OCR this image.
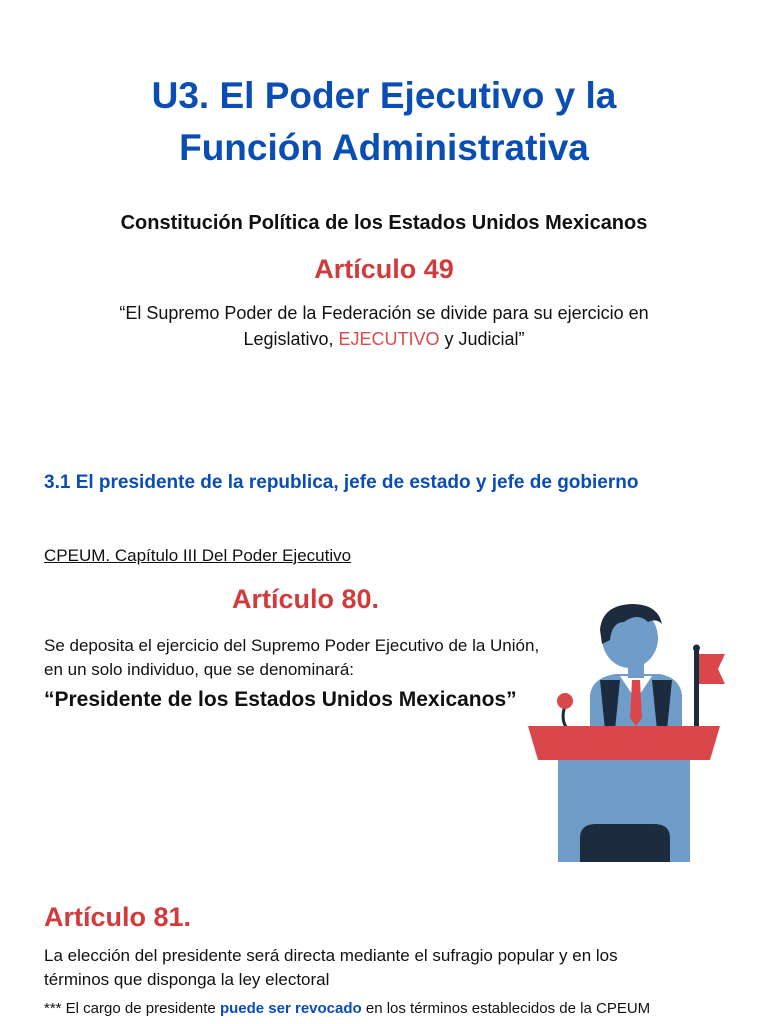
U3. El Poder Ejecutivo y la
Función Administrativa
Constitución Política de los Estados Unidos Mexicanos
Artículo 49
“El Supremo Poder de la Federación se divide para su ejercicio en
Legislativo, EJECUTIVO y Judicial”
3.1 El presidente de la republica, jefe de estado y jefe de gobierno
CPEUM. Capítulo III Del Poder Ejecutivo
Artículo 80.
Se deposita el ejercicio del Supremo Poder Ejecutivo de la Unión,
en un solo individuo, que se denominará:
“Presidente de los Estados Unidos Mexicanos”
Artículo 81.
La elección del presidente será directa mediante el sufragio popular y en los
términos que disponga la ley electoral
*** El cargo de presidente puede ser revocado en los términos establecidos de la CPEUM
